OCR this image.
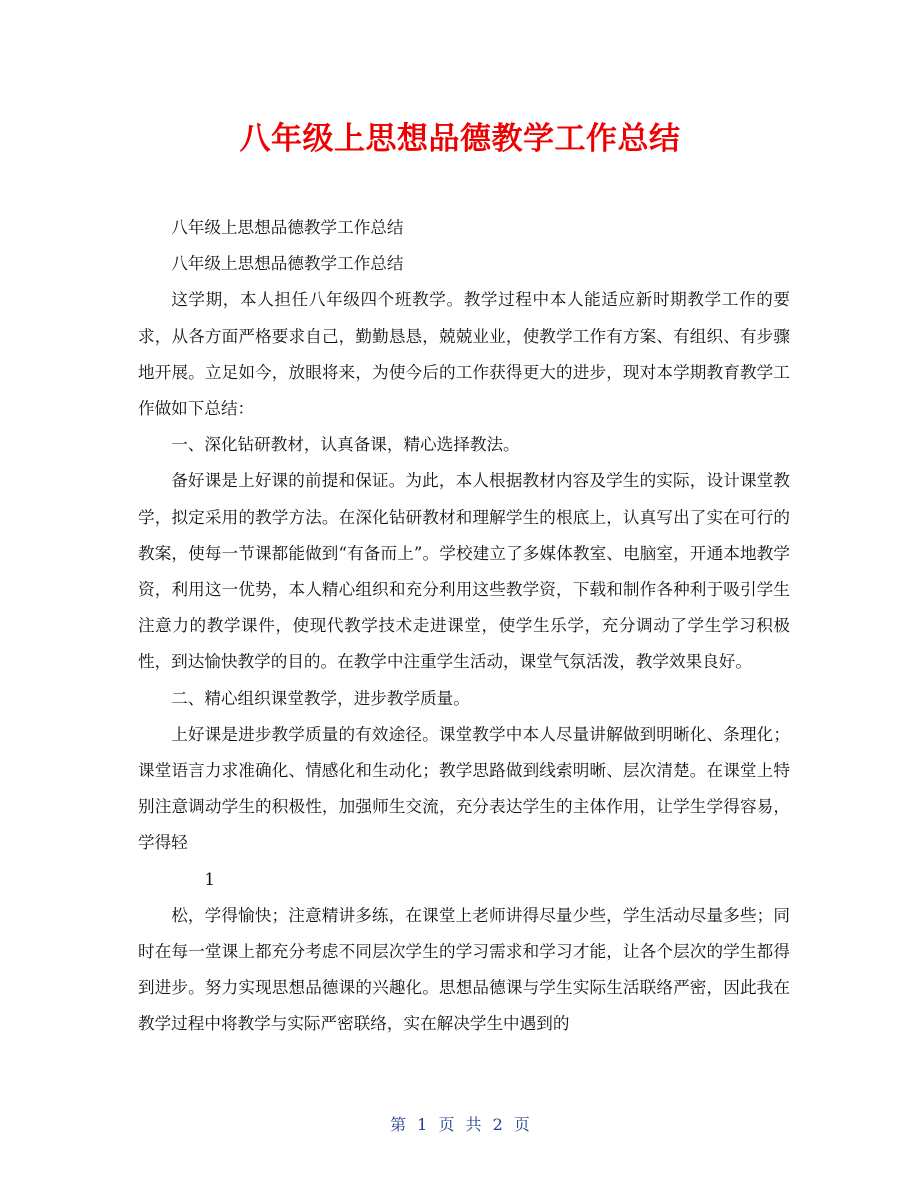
八年级上思想品德教学工作总结

八年级上思想品德教学工作总结

八年级上思想品德教学工作总结

这学期，本人担任八年级四个班教学。教学过程中本人能适应新时期教学工作的要求，从各方面严格要求自己，勤勤恳恳，兢兢业业，使教学工作有方案、有组织、有步骤地开展。立足如今，放眼将来，为使今后的工作获得更大的进步，现对本学期教育教学工作做如下总结：

一、深化钻研教材，认真备课，精心选择教法。

备好课是上好课的前提和保证。为此，本人根据教材内容及学生的实际，设计课堂教学，拟定采用的教学方法。在深化钻研教材和理解学生的根底上，认真写出了实在可行的教案，使每一节课都能做到“有备而上”。学校建立了多媒体教室、电脑室，开通本地教学资，利用这一优势，本人精心组织和充分利用这些教学资，下载和制作各种利于吸引学生注意力的教学课件，使现代教学技术走进课堂，使学生乐学，充分调动了学生学习积极性，到达愉快教学的目的。在教学中注重学生活动，课堂气氛活泼，教学效果良好。

二、精心组织课堂教学，进步教学质量。

上好课是进步教学质量的有效途径。课堂教学中本人尽量讲解做到明晰化、条理化；课堂语言力求准确化、情感化和生动化；教学思路做到线索明晰、层次清楚。在课堂上特别注意调动学生的积极性，加强师生交流，充分表达学生的主体作用，让学生学得容易，学得轻

1

松，学得愉快；注意精讲多练，在课堂上老师讲得尽量少些，学生活动尽量多些；同时在每一堂课上都充分考虑不同层次学生的学习需求和学习才能，让各个层次的学生都得到进步。努力实现思想品德课的兴趣化。思想品德课与学生实际生活联络严密，因此我在教学过程中将教学与实际严密联络，实在解决学生中遇到的

第 1 页 共 2 页
